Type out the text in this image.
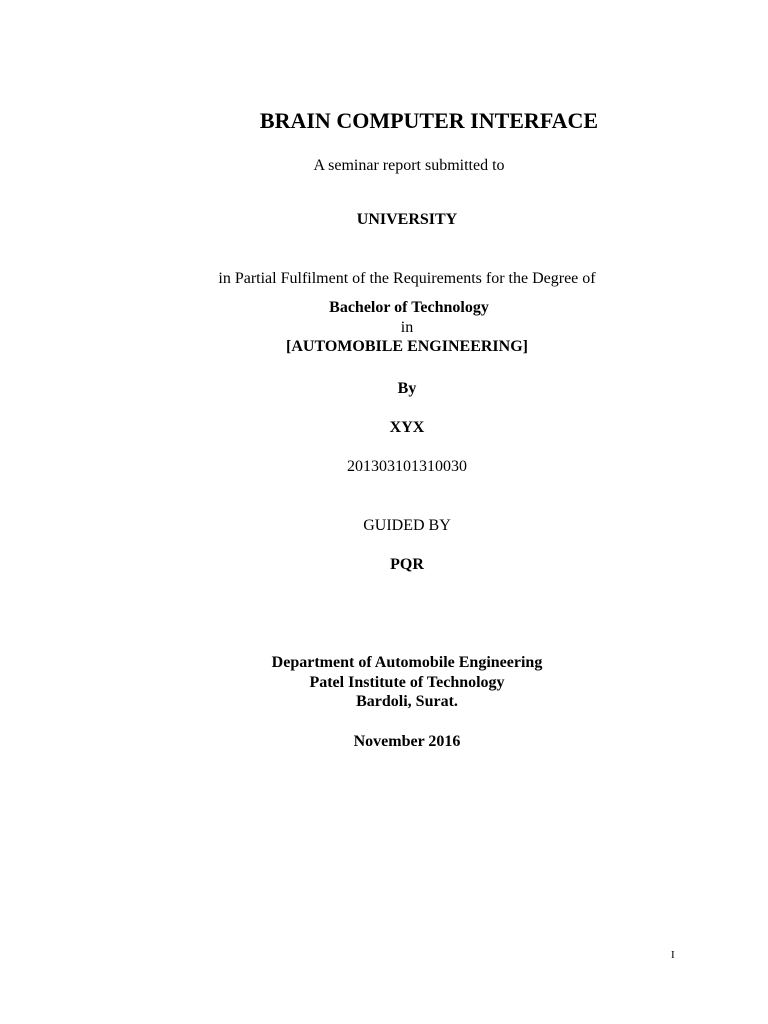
BRAIN COMPUTER INTERFACE
A seminar report submitted to
UNIVERSITY
in Partial Fulfilment of the Requirements for the Degree of
Bachelor of Technology
in
[AUTOMOBILE ENGINEERING]
By
XYX
201303101310030
GUIDED BY
PQR
Department of Automobile Engineering
Patel Institute of Technology
Bardoli, Surat.
November 2016
I
